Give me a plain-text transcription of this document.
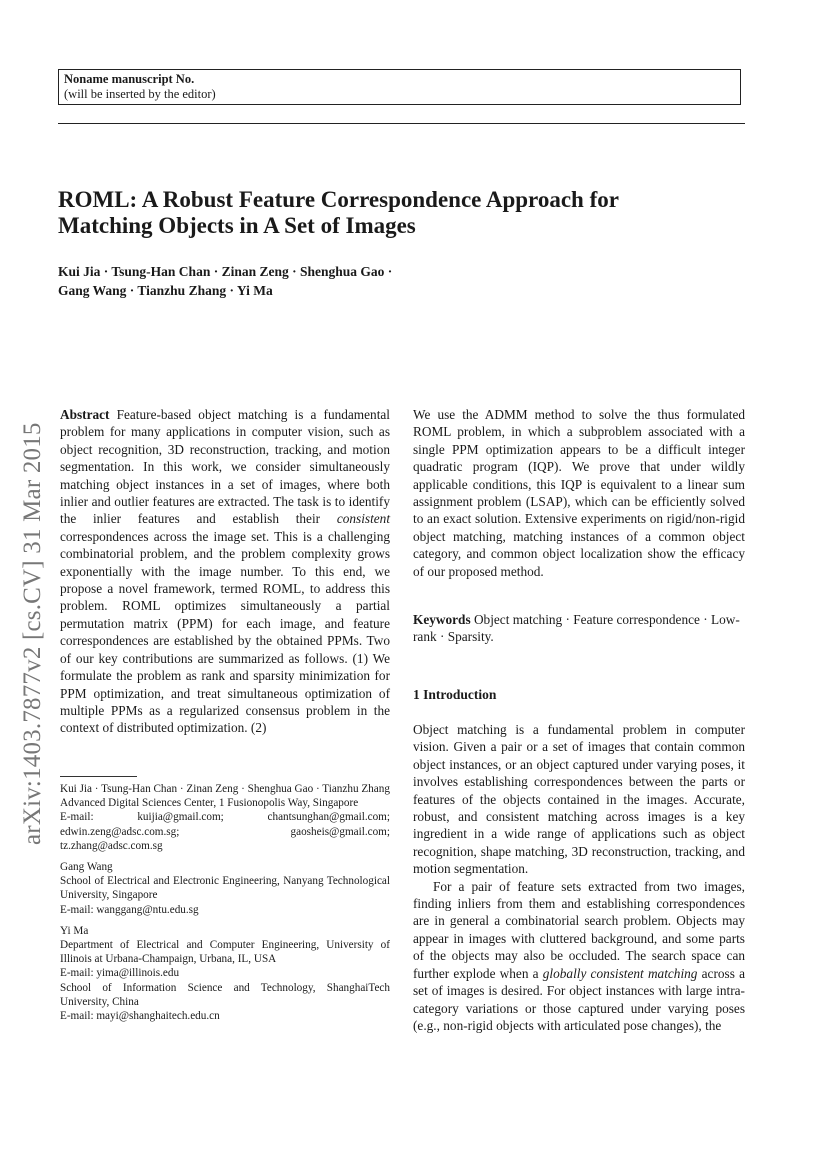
Noname manuscript No.
(will be inserted by the editor)
ROML: A Robust Feature Correspondence Approach for
Matching Objects in A Set of Images
Kui Jia · Tsung-Han Chan · Zinan Zeng · Shenghua Gao ·
Gang Wang · Tianzhu Zhang · Yi Ma
arXiv:1403.7877v2 [cs.CV] 31 Mar 2015

Abstract Feature-based object matching is a fundamental problem for many applications in computer vision, such as object recognition, 3D reconstruction, tracking, and motion segmentation. In this work, we consider simultaneously matching object instances in a set of images, where both inlier and outlier features are extracted. The task is to identify the inlier features and establish their consistent correspondences across the image set. This is a challenging combinatorial problem, and the problem complexity grows exponentially with the image number. To this end, we propose a novel framework, termed ROML, to address this problem. ROML optimizes simultaneously a partial permutation matrix (PPM) for each image, and feature correspondences are established by the obtained PPMs. Two of our key contributions are summarized as follows. (1) We formulate the problem as rank and sparsity minimization for PPM optimization, and treat simultaneous optimization of multiple PPMs as a regularized consensus problem in the context of distributed optimization. (2)

Kui Jia · Tsung-Han Chan · Zinan Zeng · Shenghua Gao · Tianzhu Zhang

Advanced Digital Sciences Center, 1 Fusionopolis Way, Singapore

E-mail:	kuijia@gmail.com;	chantsunghan@gmail.com;
edwin.zeng@adsc.com.sg;	gaosheis@gmail.com;

tz.zhang@adsc.com.sg

Gang Wang

School of Electrical and Electronic Engineering, Nanyang Technological University, Singapore

E-mail: wanggang@ntu.edu.sg

Yi Ma

Department of Electrical and Computer Engineering, University of Illinois at Urbana-Champaign, Urbana, IL, USA

E-mail: yima@illinois.edu

School of Information Science and Technology, ShanghaiTech University, China

E-mail: mayi@shanghaitech.edu.cn

We use the ADMM method to solve the thus formulated ROML problem, in which a subproblem associated with a single PPM optimization appears to be a difficult integer quadratic program (IQP). We prove that under wildly applicable conditions, this IQP is equivalent to a linear sum assignment problem (LSAP), which can be efficiently solved to an exact solution. Extensive experiments on rigid/non-rigid object matching, matching instances of a common object category, and common object localization show the efficacy of our proposed method.

Keywords Object matching · Feature correspondence · Low-rank · Sparsity.
1 Introduction

Object matching is a fundamental problem in computer vision. Given a pair or a set of images that contain common object instances, or an object captured under varying poses, it involves establishing correspondences between the parts or features of the objects contained in the images. Accurate, robust, and consistent matching across images is a key ingredient in a wide range of applications such as object recognition, shape matching, 3D reconstruction, tracking, and motion segmentation.

For a pair of feature sets extracted from two images, finding inliers from them and establishing correspondences are in general a combinatorial search problem. Objects may appear in images with cluttered background, and some parts of the objects may also be occluded. The search space can further explode when a globally consistent matching across a set of images is desired. For object instances with large intra-category variations or those captured under varying poses (e.g., non-rigid objects with articulated pose changes), the
